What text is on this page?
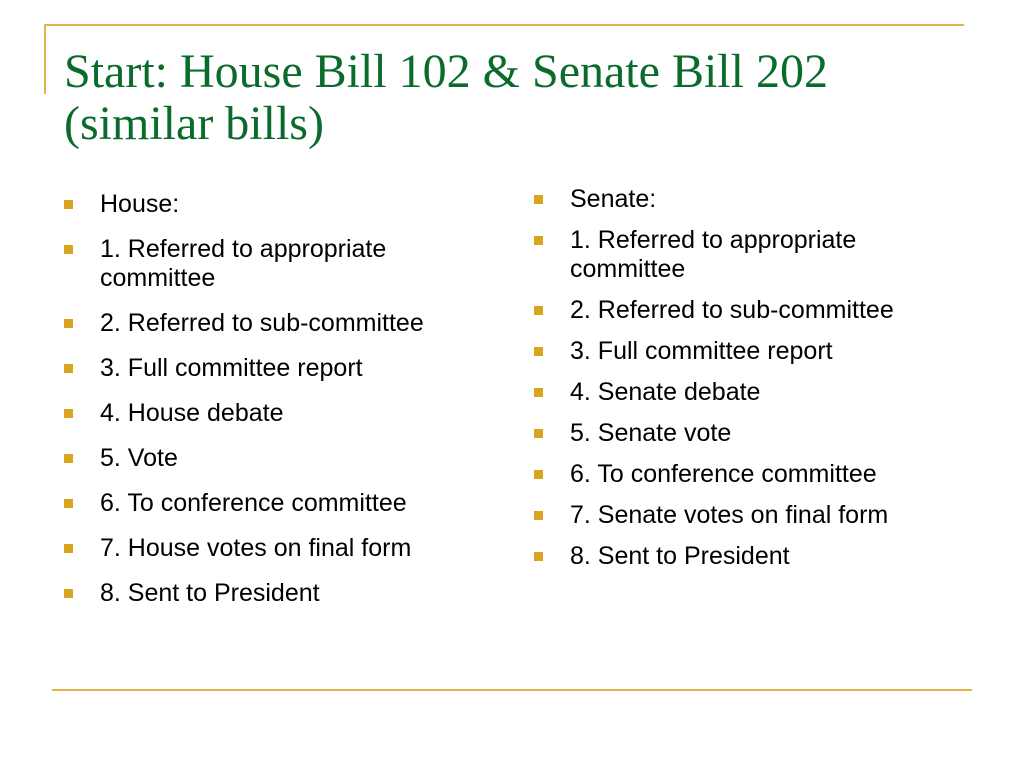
Start: House Bill 102 & Senate Bill 202
(similar bills)
House:
1. Referred to appropriate committee
2. Referred to sub-committee
3. Full committee report
4. House debate
5. Vote
6. To conference committee
7. House votes on final form
8. Sent to President
Senate:
1. Referred to appropriate committee
2. Referred to sub-committee
3. Full committee report
4. Senate debate
5. Senate vote
6. To conference committee
7. Senate votes on final form
8. Sent to President
